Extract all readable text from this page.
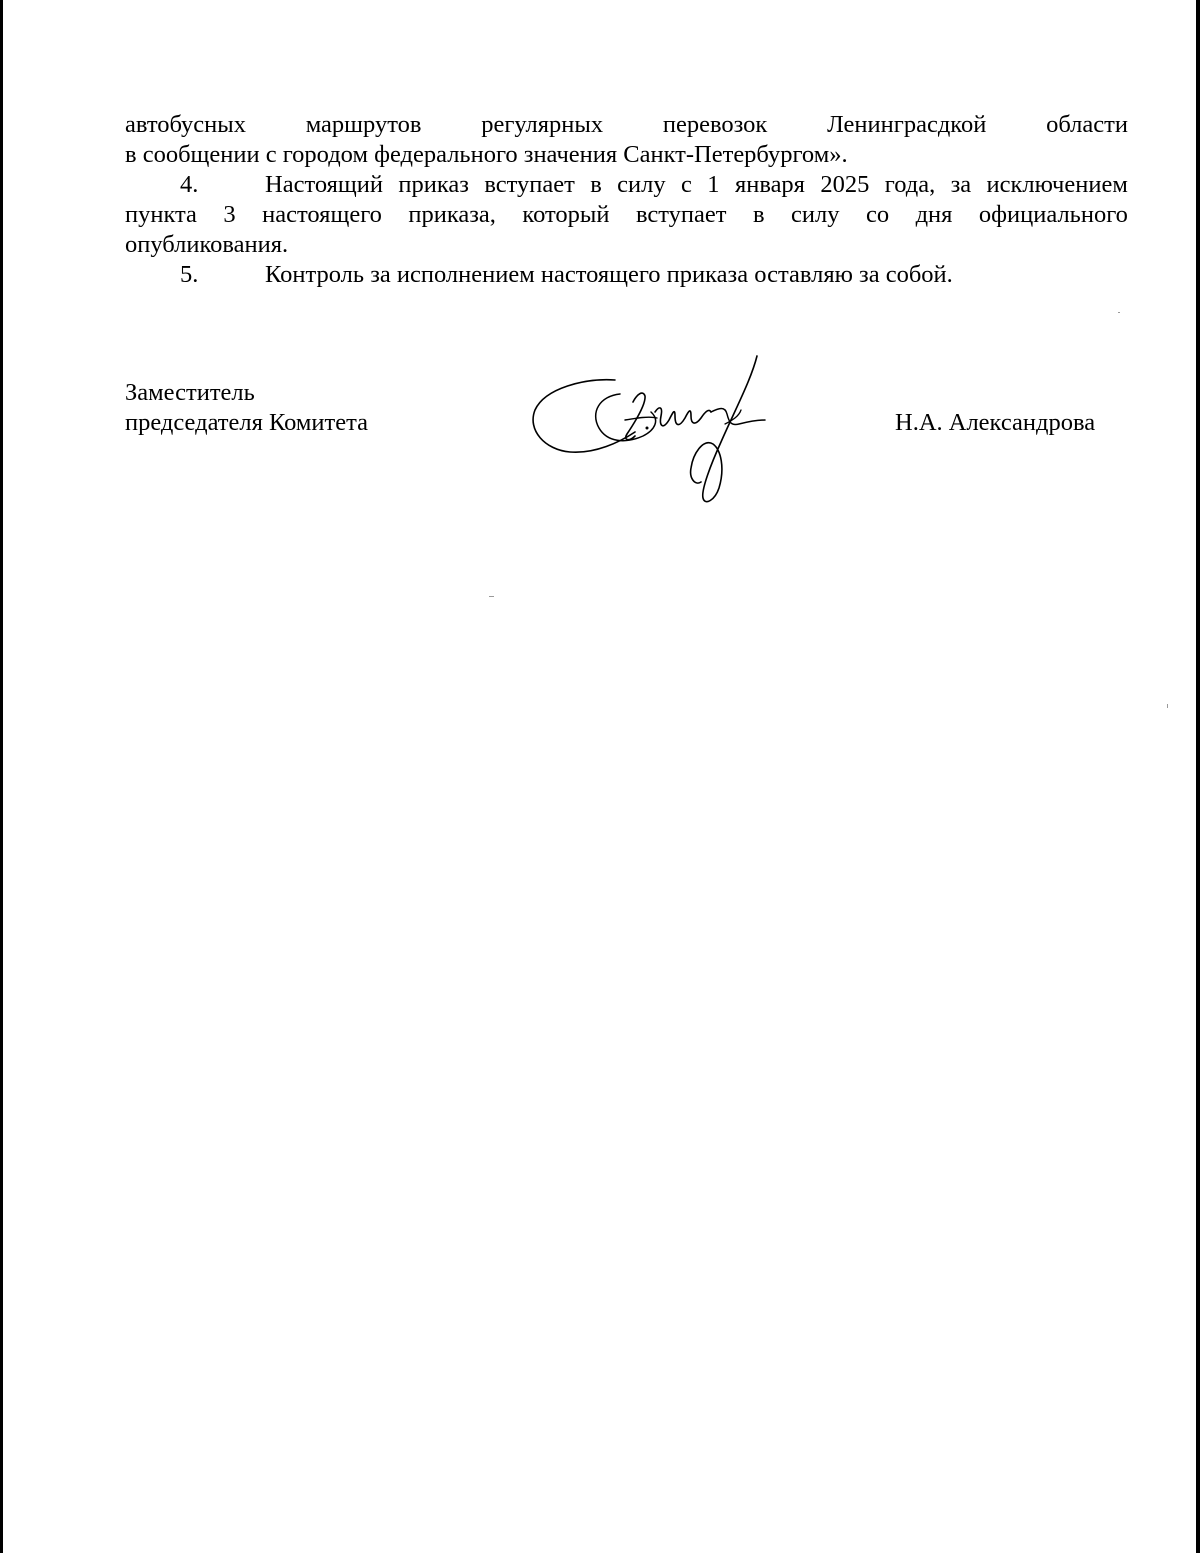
автобусных маршрутов регулярных перевозок Ленинграсдкой области
в сообщении с городом федерального значения Санкт-Петербургом».
4.	Настоящий приказ вступает в силу с 1 января 2025 года, за исключением
пункта 3 настоящего приказа, который вступает в силу со дня официального
опубликования.
5.	Контроль за исполнением настоящего приказа оставляю за собой.
Заместитель
председателя Комитета	Н.А. Александрова
